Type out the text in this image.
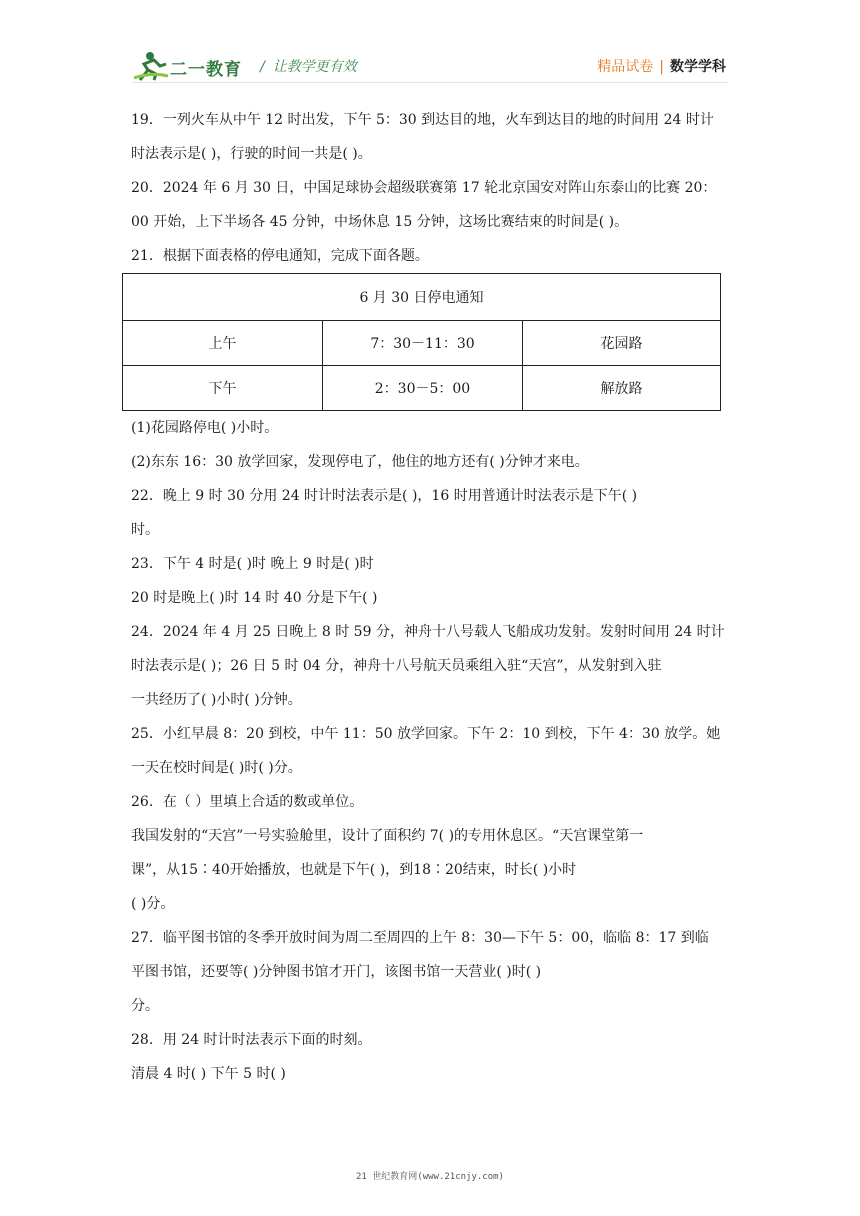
二一教育 / 让教学更有效	精品试卷 | 数学学科
19．一列火车从中午 12 时出发，下午 5：30 到达目的地，火车到达目的地的时间用 24 时计
时法表示是( )，行驶的时间一共是( )。
20．2024 年 6 月 30 日，中国足球协会超级联赛第 17 轮北京国安对阵山东泰山的比赛 20：
00 开始，上下半场各 45 分钟，中场休息 15 分钟，这场比赛结束的时间是( )。
21．根据下面表格的停电通知，完成下面各题。
(1)花园路停电( )小时。
(2)东东 16：30 放学回家，发现停电了，他住的地方还有( )分钟才来电。
22．晚上 9 时 30 分用 24 时计时法表示是( )，16 时用普通计时法表示是下午( )
时。
23．下午 4 时是( )时 晚上 9 时是( )时
20 时是晚上( )时 14 时 40 分是下午( )
24．2024 年 4 月 25 日晚上 8 时 59 分，神舟十八号载人飞船成功发射。发射时间用 24 时计
时法表示是( )；26 日 5 时 04 分，神舟十八号航天员乘组入驻“天宫”，从发射到入驻
一共经历了( )小时( )分钟。
25．小红早晨 8：20 到校，中午 11：50 放学回家。下午 2：10 到校，下午 4：30 放学。她
一天在校时间是( )时( )分。
26．在（ ）里填上合适的数或单位。
我国发射的“天宫”一号实验舱里，设计了面积约 7( )的专用休息区。“天宫课堂第一
课”，从15∶40开始播放，也就是下午( )，到18∶20结束，时长( )小时
( )分。
27．临平图书馆的冬季开放时间为周二至周四的上午 8：30—下午 5：00，临临 8：17 到临
平图书馆，还要等( )分钟图书馆才开门，该图书馆一天营业( )时( )
分。
28．用 24 时计时法表示下面的时刻。
清晨 4 时( ) 下午 5 时( )
6 月 30 日停电通知		
上午	7：30－11：30	花园路
下午	2：30－5：00	解放路
21 世纪教育网(www.21cnjy.com)
